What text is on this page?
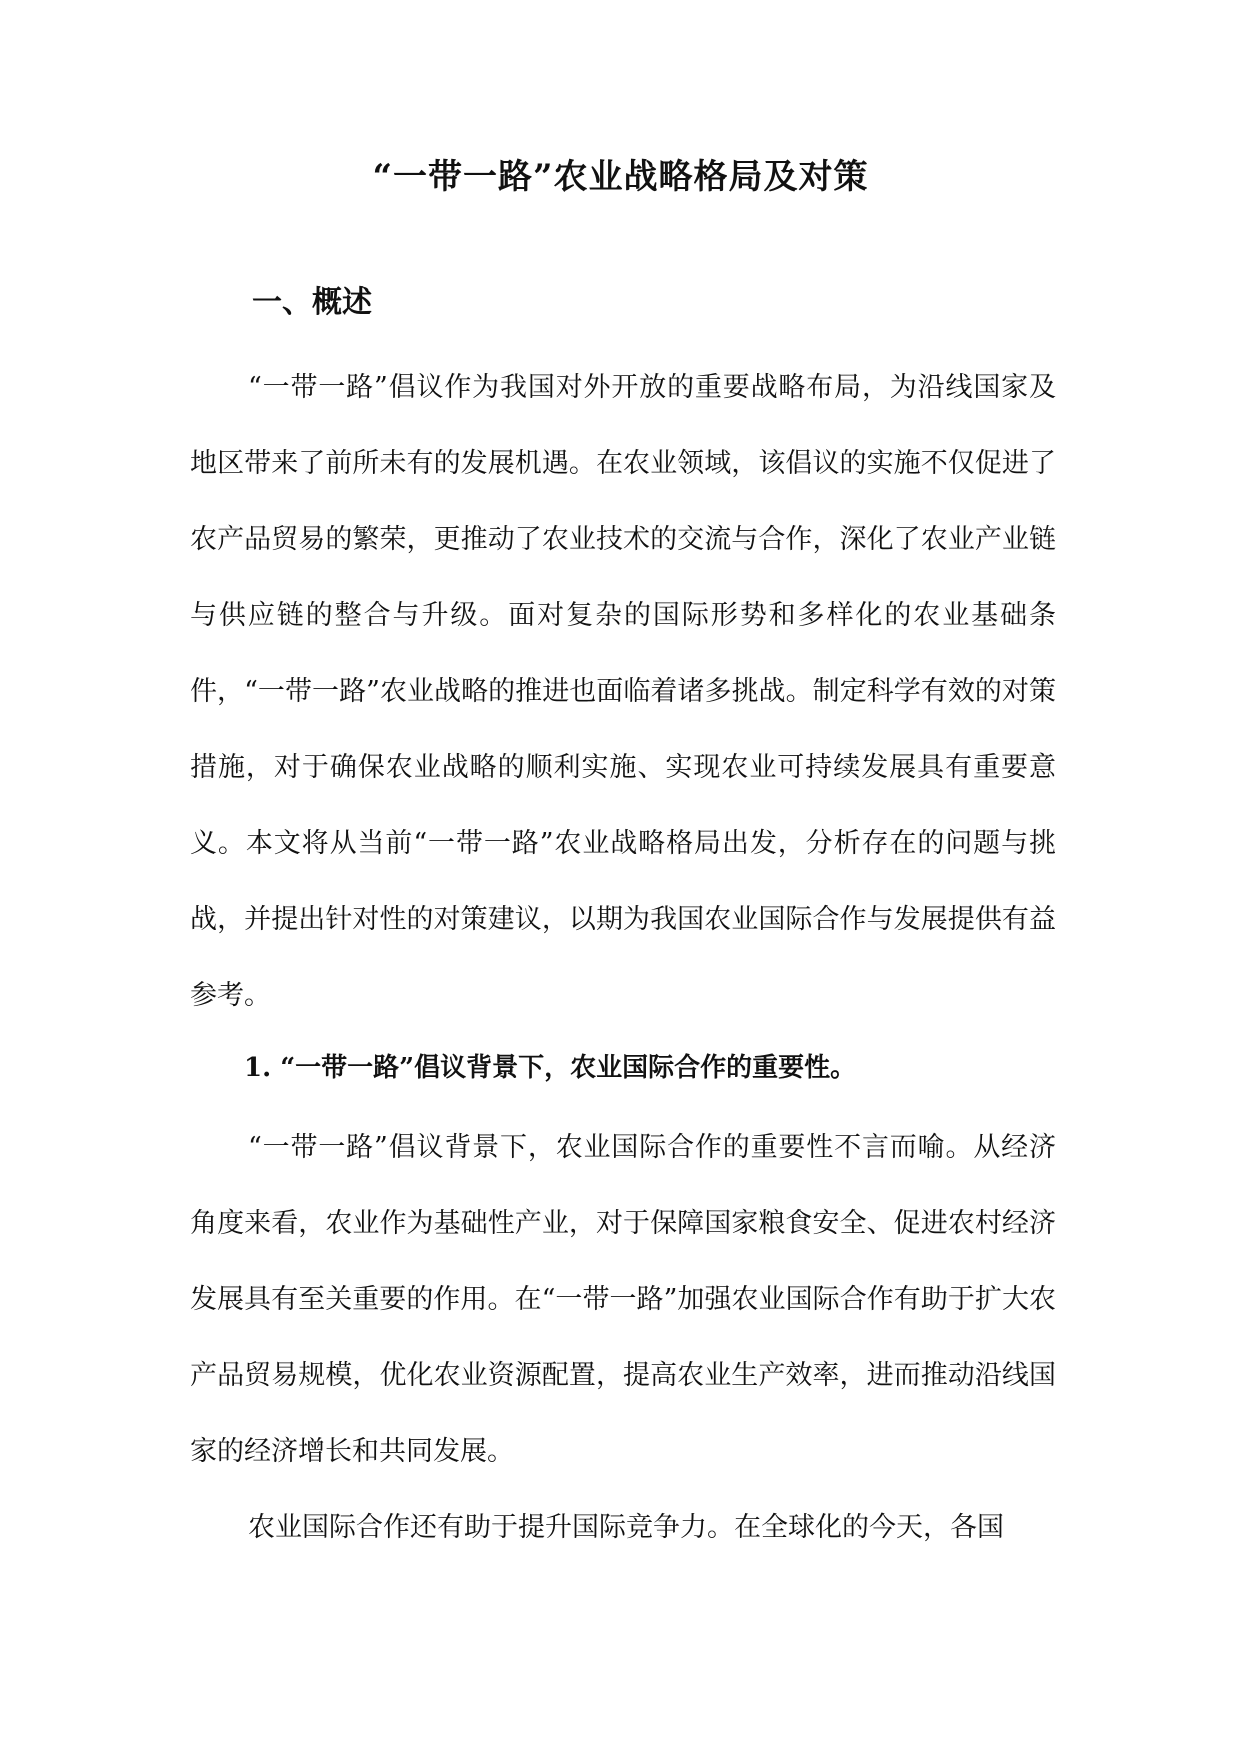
“一带一路”农业战略格局及对策
一、概述

“一带一路”倡议作为我国对外开放的重要战略布局，为沿线国家及地区带来了前所未有的发展机遇。在农业领域，该倡议的实施不仅促进了农产品贸易的繁荣，更推动了农业技术的交流与合作，深化了农业产业链与供应链的整合与升级。面对复杂的国际形势和多样化的农业基础条件，“一带一路”农业战略的推进也面临着诸多挑战。制定科学有效的对策措施，对于确保农业战略的顺利实施、实现农业可持续发展具有重要意义。本文将从当前“一带一路”农业战略格局出发，分析存在的问题与挑战，并提出针对性的对策建议，以期为我国农业国际合作与发展提供有益参考。

1. “一带一路”倡议背景下，农业国际合作的重要性。

“一带一路”倡议背景下，农业国际合作的重要性不言而喻。从经济角度来看，农业作为基础性产业，对于保障国家粮食安全、促进农村经济发展具有至关重要的作用。在“一带一路”加强农业国际合作有助于扩大农产品贸易规模，优化农业资源配置，提高农业生产效率，进而推动沿线国家的经济增长和共同发展。

农业国际合作还有助于提升国际竞争力。在全球化的今天，各国
